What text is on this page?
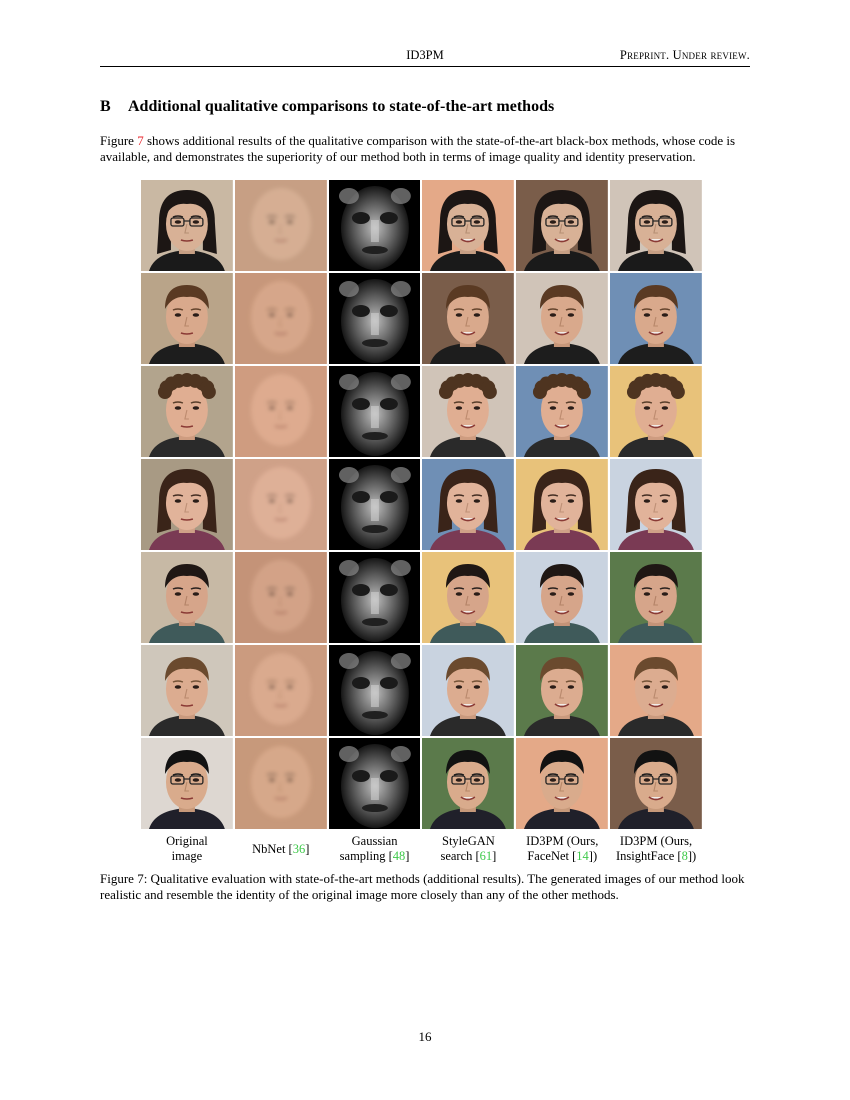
ID3PM	Preprint. Under review.
B Additional qualitative comparisons to state-of-the-art methods
Figure 7 shows additional results of the qualitative comparison with the state-of-the-art black-box methods, whose code is available, and demonstrates the superiority of our method both in terms of image quality and identity preservation.
Original
image
NbNet [36]
Gaussian
sampling [48]
StyleGAN
search [61]
ID3PM (Ours,
FaceNet [14])
ID3PM (Ours,
InsightFace [8])
Figure 7: Qualitative evaluation with state-of-the-art methods (additional results). The generated images of our method look realistic and resemble the identity of the original image more closely than any of the other methods.
16
